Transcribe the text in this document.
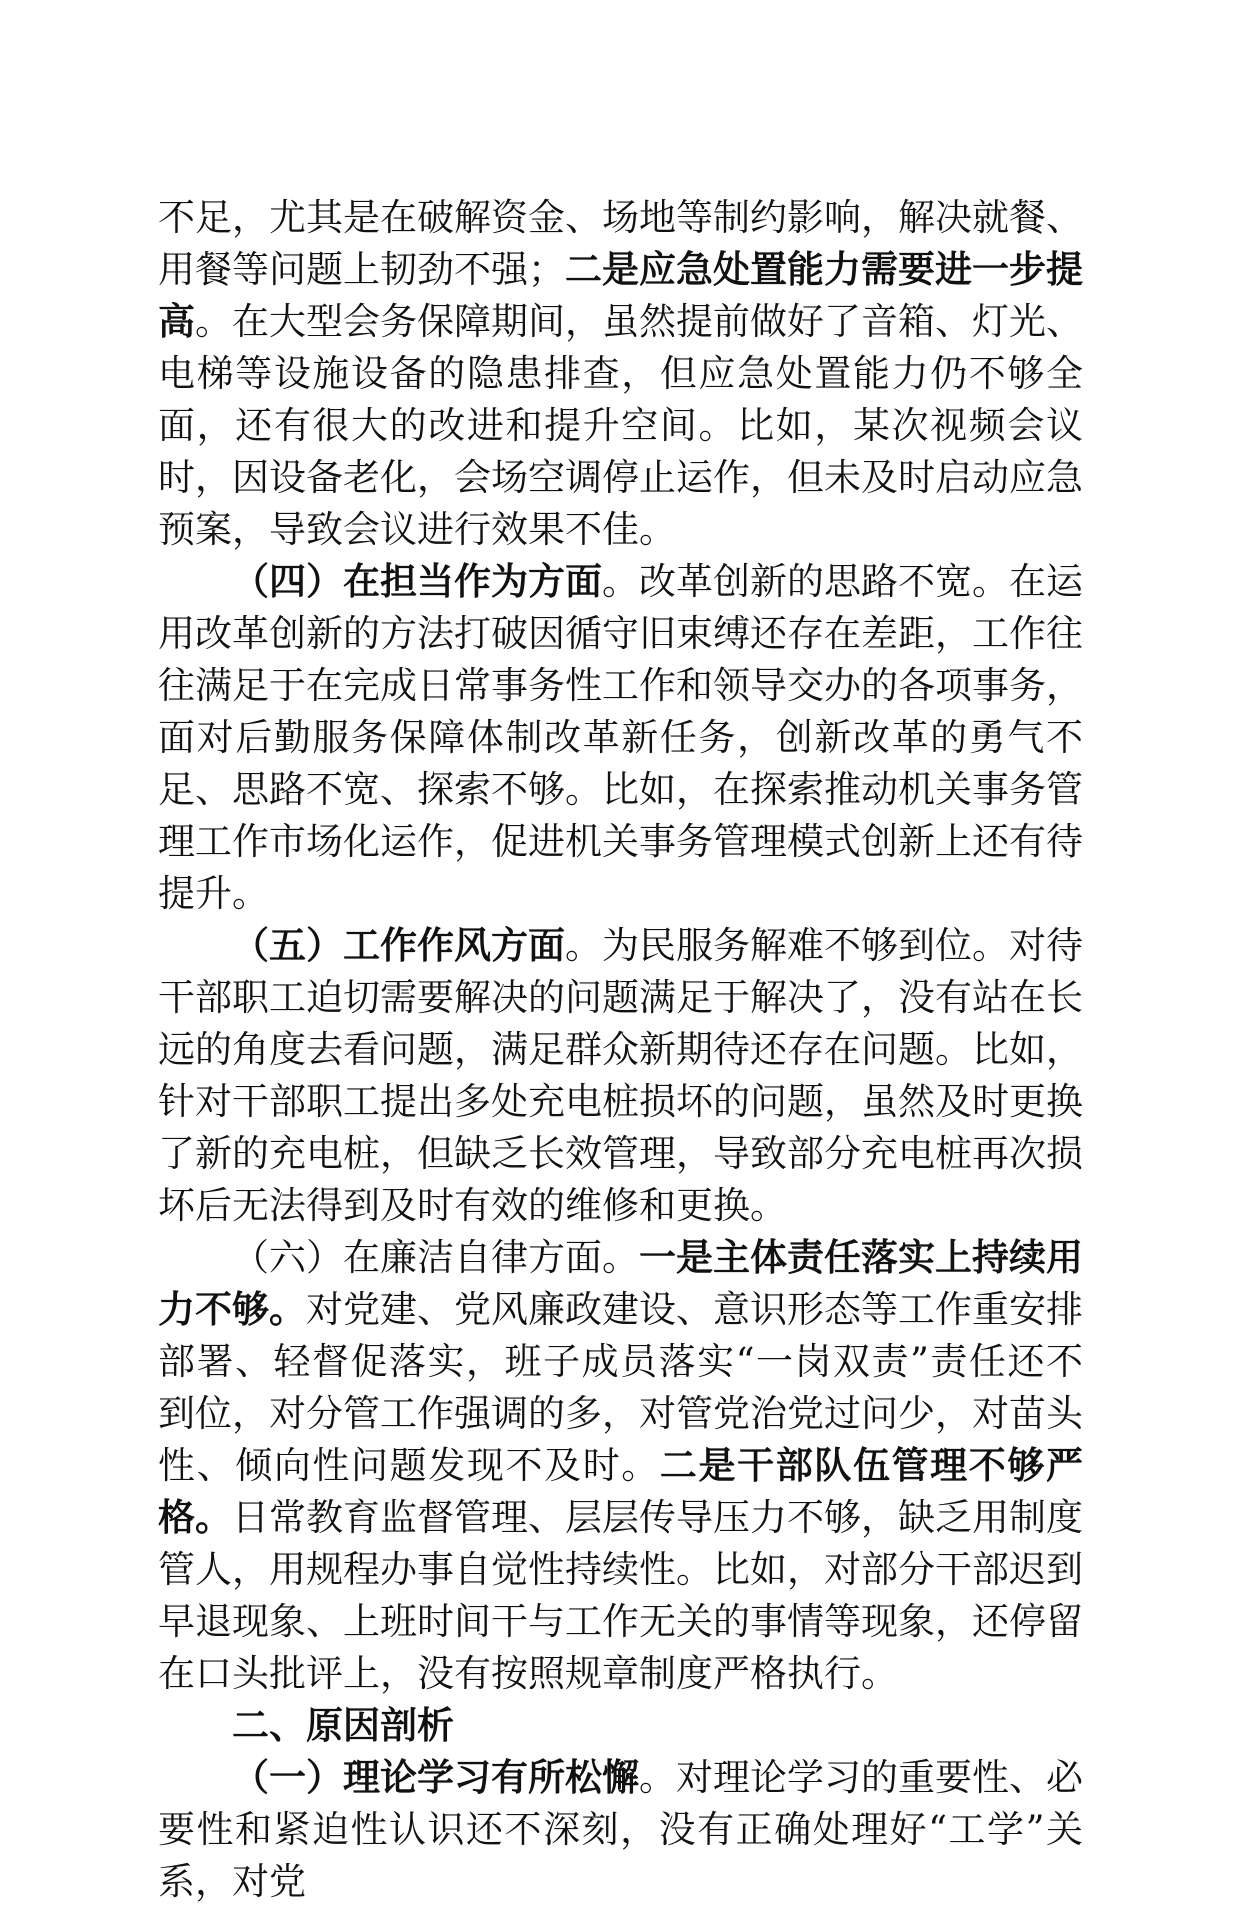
不足，尤其是在破解资金、场地等制约影响，解决就餐、用餐等问题上韧劲不强；二是应急处置能力需要进一步提高。在大型会务保障期间，虽然提前做好了音箱、灯光、电梯等设施设备的隐患排查，但应急处置能力仍不够全面，还有很大的改进和提升空间。比如，某次视频会议时，因设备老化，会场空调停止运作，但未及时启动应急预案，导致会议进行效果不佳。

（四）在担当作为方面。改革创新的思路不宽。在运用改革创新的方法打破因循守旧束缚还存在差距，工作往往满足于在完成日常事务性工作和领导交办的各项事务，面对后勤服务保障体制改革新任务，创新改革的勇气不足、思路不宽、探索不够。比如，在探索推动机关事务管理工作市场化运作，促进机关事务管理模式创新上还有待提升。

（五）工作作风方面。为民服务解难不够到位。对待干部职工迫切需要解决的问题满足于解决了，没有站在长远的角度去看问题，满足群众新期待还存在问题。比如，针对干部职工提出多处充电桩损坏的问题，虽然及时更换了新的充电桩，但缺乏长效管理，导致部分充电桩再次损坏后无法得到及时有效的维修和更换。

（六）在廉洁自律方面。一是主体责任落实上持续用力不够。对党建、党风廉政建设、意识形态等工作重安排部署、轻督促落实，班子成员落实“一岗双责”责任还不到位，对分管工作强调的多，对管党治党过问少，对苗头性、倾向性问题发现不及时。二是干部队伍管理不够严格。日常教育监督管理、层层传导压力不够，缺乏用制度管人，用规程办事自觉性持续性。比如，对部分干部迟到早退现象、上班时间干与工作无关的事情等现象，还停留在口头批评上，没有按照规章制度严格执行。

二、原因剖析

（一）理论学习有所松懈。对理论学习的重要性、必要性和紧迫性认识还不深刻，没有正确处理好“工学”关系，对党
